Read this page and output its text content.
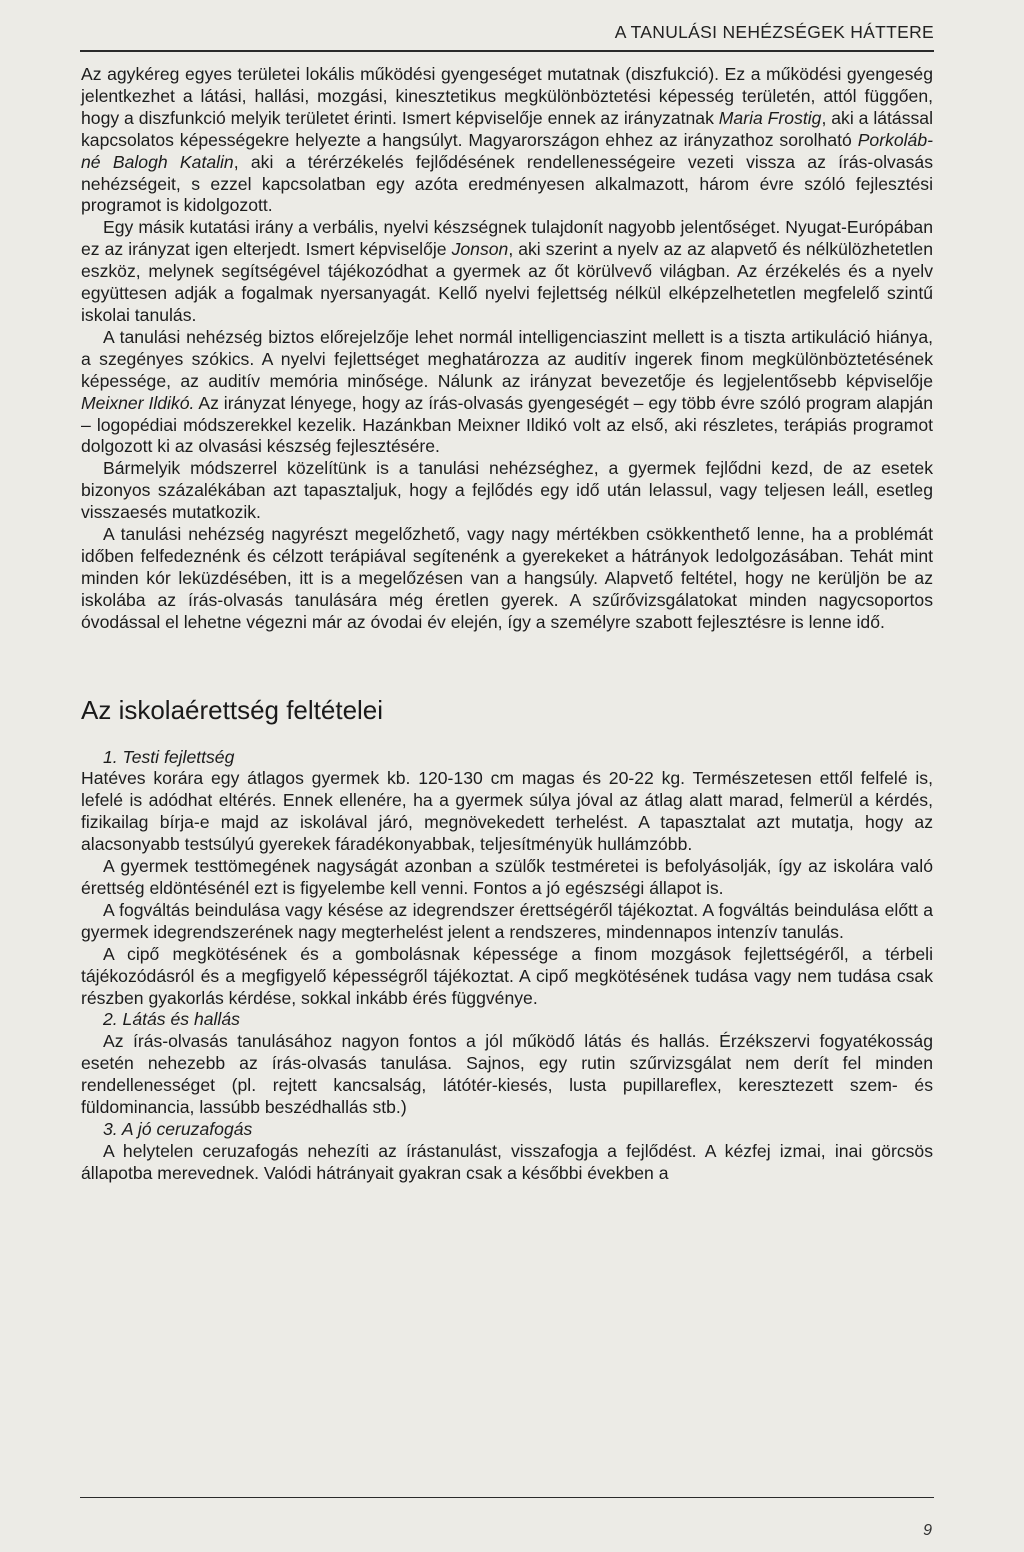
A TANULÁSI NEHÉZSÉGEK HÁTTERE

Az agykéreg egyes területei lokális működési gyengeséget mutatnak (diszfukció). Ez a működési gyengeség jelentkezhet a látási, hallási, mozgási, kinesztetikus megkülönböztetési képesség területén, attól függően, hogy a diszfunkció melyik területet érinti. Ismert képviselője ennek az irányzatnak Maria Frostig, aki a látással kapcsolatos képességekre helyezte a hangsúlyt. Magyarországon ehhez az irányzathoz sorolható Porkolábné Balogh Katalin, aki a térérzékelés fejlődésének rendellenességeire vezeti vissza az írás-olvasás nehézségeit, s ezzel kapcsolatban egy azóta eredményesen alkalmazott, három évre szóló fejlesztési programot is kidolgozott.

Egy másik kutatási irány a verbális, nyelvi készségnek tulajdonít nagyobb jelentőséget. Nyugat-Európában ez az irányzat igen elterjedt. Ismert képviselője Jonson, aki szerint a nyelv az az alapvető és nélkülözhetetlen eszköz, melynek segítségével tájékozódhat a gyermek az őt körülvevő világban. Az érzékelés és a nyelv együttesen adják a fogalmak nyersanyagát. Kellő nyelvi fejlettség nélkül elképzelhetetlen megfelelő szintű iskolai tanulás.

A tanulási nehézség biztos előrejelzője lehet normál intelligenciaszint mellett is a tiszta artikuláció hiánya, a szegényes szókics. A nyelvi fejlettséget meghatározza az auditív ingerek finom megkülönböztetésének képessége, az auditív memória minősége. Nálunk az irányzat bevezetője és legjelentősebb képviselője Meixner Ildikó. Az irányzat lényege, hogy az írás-olvasás gyengeségét – egy több évre szóló program alapján – logopédiai módszerekkel kezelik. Hazánkban Meixner Ildikó volt az első, aki részletes, terápiás programot dolgozott ki az olvasási készség fejlesztésére.

Bármelyik módszerrel közelítünk is a tanulási nehézséghez, a gyermek fejlődni kezd, de az esetek bizonyos százalékában azt tapasztaljuk, hogy a fejlődés egy idő után lelassul, vagy teljesen leáll, esetleg visszaesés mutatkozik.

A tanulási nehézség nagyrészt megelőzhető, vagy nagy mértékben csökkenthető lenne, ha a problémát időben felfedeznénk és célzott terápiával segítenénk a gyerekeket a hátrányok ledolgozásában. Tehát mint minden kór leküzdésében, itt is a megelőzésen van a hangsúly. Alapvető feltétel, hogy ne kerüljön be az iskolába az írás-olvasás tanulására még éretlen gyerek. A szűrővizsgálatokat minden nagycsoportos óvodással el lehetne végezni már az óvodai év elején, így a személyre szabott fejlesztésre is lenne idő.

Az iskolaérettség feltételei
1. Testi fejlettség

Hatéves korára egy átlagos gyermek kb. 120-130 cm magas és 20-22 kg. Természetesen ettől felfelé is, lefelé is adódhat eltérés. Ennek ellenére, ha a gyermek súlya jóval az átlag alatt marad, felmerül a kérdés, fizikailag bírja-e majd az iskolával járó, megnövekedett terhelést. A tapasztalat azt mutatja, hogy az alacsonyabb testsúlyú gyerekek fáradékonyabbak, teljesítményük hullámzóbb.

A gyermek testtömegének nagyságát azonban a szülők testméretei is befolyásolják, így az iskolára való érettség eldöntésénél ezt is figyelembe kell venni. Fontos a jó egészségi állapot is.

A fogváltás beindulása vagy késése az idegrendszer érettségéről tájékoztat. A fogváltás beindulása előtt a gyermek idegrendszerének nagy megterhelést jelent a rendszeres, mindennapos intenzív tanulás.

A cipő megkötésének és a gombolásnak képessége a finom mozgások fejlettségéről, a térbeli tájékozódásról és a megfigyelő képességről tájékoztat. A cipő megkötésének tudása vagy nem tudása csak részben gyakorlás kérdése, sokkal inkább érés függvénye.

2. Látás és hallás

Az írás-olvasás tanulásához nagyon fontos a jól működő látás és hallás. Érzékszervi fogyatékosság esetén nehezebb az írás-olvasás tanulása. Sajnos, egy rutin szűrvizsgálat nem derít fel minden rendellenességet (pl. rejtett kancsalság, látótér-kiesés, lusta pupillareflex, keresztezett szem- és füldominancia, lassúbb beszédhallás stb.)

3. A jó ceruzafogás

A helytelen ceruzafogás nehezíti az írástanulást, visszafogja a fejlődést. A kézfej izmai, inai görcsös állapotba merevednek. Valódi hátrányait gyakran csak a későbbi években a

9
